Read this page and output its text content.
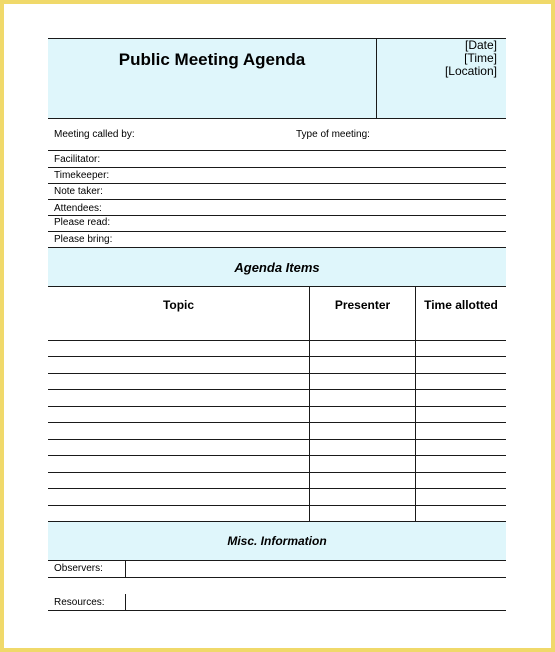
Public Meeting Agenda
[Date]
[Time]
[Location]
Meeting called by:	Type of meeting:
Facilitator:
Timekeeper:
Note taker:
Attendees:
Please read:
Please bring:
Agenda Items
Topic	Presenter	Time allotted
Misc. Information
Observers:
Resources:
